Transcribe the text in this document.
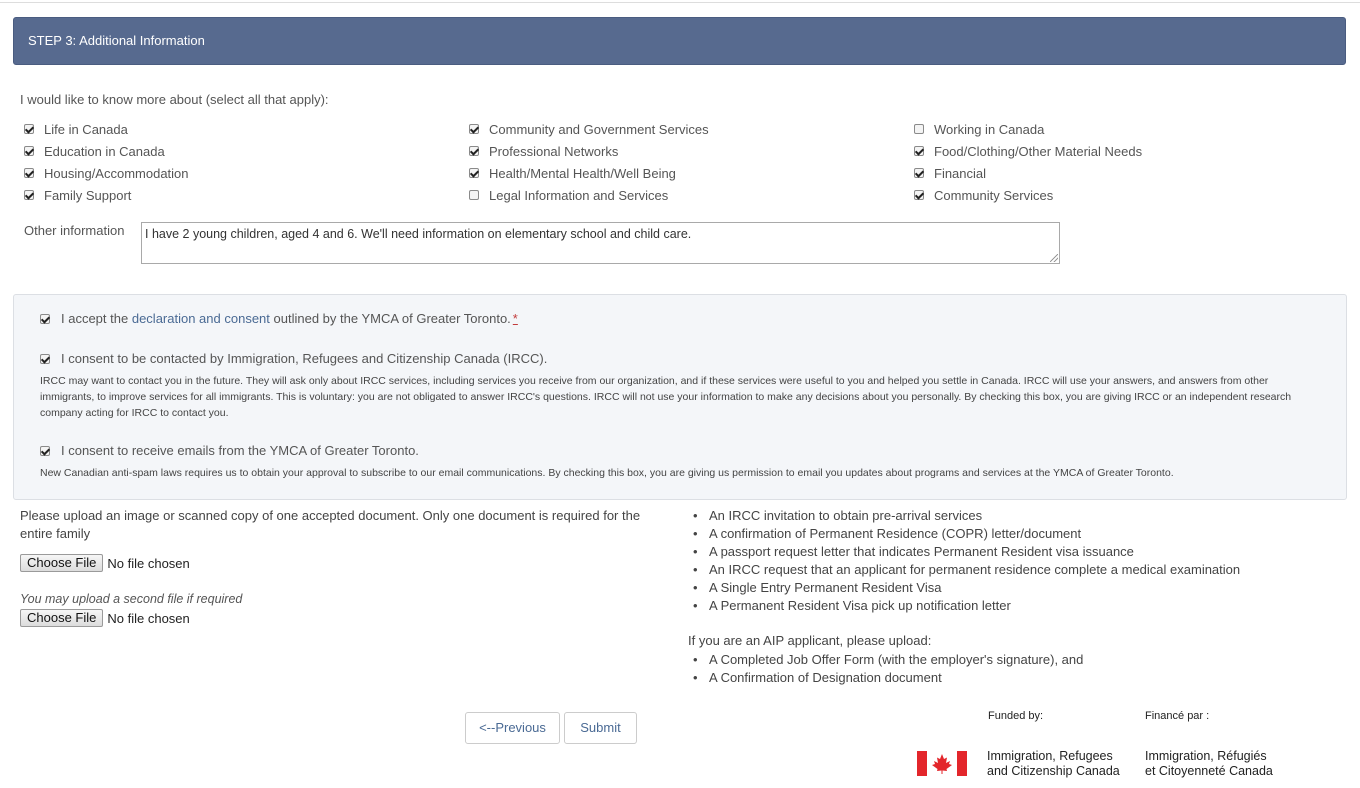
STEP 3: Additional Information
I would like to know more about (select all that apply):
Life in Canada
Education in Canada
Housing/Accommodation
Family Support
Community and Government Services
Professional Networks
Health/Mental Health/Well Being
Legal Information and Services
Working in Canada
Food/Clothing/Other Material Needs
Financial
Community Services
Other information	I have 2 young children, aged 4 and 6. We'll need information on elementary school and child care.
I accept the
declaration and consent
outlined by the YMCA of Greater Toronto. *
I consent to be contacted by Immigration, Refugees and Citizenship Canada (IRCC).
IRCC may want to contact you in the future. They will ask only about IRCC services, including services you receive from our organization, and if these services were useful to you and helped you settle in Canada. IRCC will use your answers, and answers from other immigrants, to improve services for all immigrants. This is voluntary: you are not obligated to answer IRCC's questions. IRCC will not use your information to make any decisions about you personally. By checking this box, you are giving IRCC or an independent research company acting for IRCC to contact you.
I consent to receive emails from the YMCA of Greater Toronto.
New Canadian anti-spam laws requires us to obtain your approval to subscribe to our email communications. By checking this box, you are giving us permission to email you updates about programs and services at the YMCA of Greater Toronto.
Please upload an image or scanned copy of one accepted document. Only one document is required for the entire family
Choose File No file chosen
You may upload a second file if required
Choose File No file chosen
• An IRCC invitation to obtain pre-arrival services
• A confirmation of Permanent Residence (COPR) letter/document
• A passport request letter that indicates Permanent Resident visa issuance
• An IRCC request that an applicant for permanent residence complete a medical examination
• A Single Entry Permanent Resident Visa
• A Permanent Resident Visa pick up notification letter
If you are an AIP applicant, please upload:
• A Completed Job Offer Form (with the employer's signature), and
• A Confirmation of Designation document
<--Previous	Submit
Funded by:	Financé par :
Immigration, Refugees
and Citizenship Canada
Immigration, Réfugiés
et Citoyenneté Canada
